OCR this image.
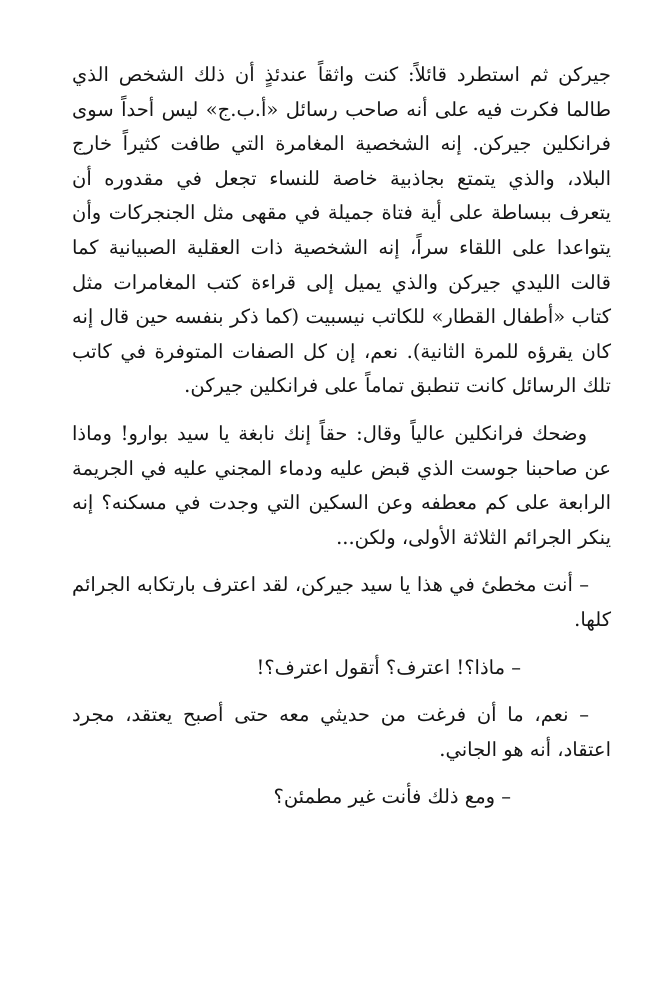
جيركن ثم استطرد قائلاً: كنت واثقاً عندئذٍ أن ذلك الشخص الذي طالما فكرت فيه على أنه صاحب رسائل «أ.ب.ج» ليس أحداً سوى فرانكلين جيركن. إنه الشخصية المغامرة التي طافت كثيراً خارج البلاد، والذي يتمتع بجاذبية خاصة للنساء تجعل في مقدوره أن يتعرف ببساطة على أية فتاة جميلة في مقهى مثل الجنجركات وأن يتواعدا على اللقاء سراً، إنه الشخصية ذات العقلية الصبيانية كما قالت الليدي جيركن والذي يميل إلى قراءة كتب المغامرات مثل كتاب «أطفال القطار» للكاتب نيسبيت (كما ذكر بنفسه حين قال إنه كان يقرؤه للمرة الثانية). نعم، إن كل الصفات المتوفرة في كاتب تلك الرسائل كانت تنطبق تماماً على فرانكلين جيركن.

وضحك فرانكلين عالياً وقال: حقاً إنك نابغة يا سيد بوارو! وماذا عن صاحبنا جوست الذي قبض عليه ودماء المجني عليه في الجريمة الرابعة على كم معطفه وعن السكين التي وجدت في مسكنه؟ إنه ينكر الجرائم الثلاثة الأولى، ولكن...

– أنت مخطئ في هذا يا سيد جيركن، لقد اعترف بارتكابه الجرائم كلها.

– ماذا؟! اعترف؟ أتقول اعترف؟!

– نعم، ما أن فرغت من حديثي معه حتى أصبح يعتقد، مجرد اعتقاد، أنه هو الجاني.

– ومع ذلك فأنت غير مطمئن؟
